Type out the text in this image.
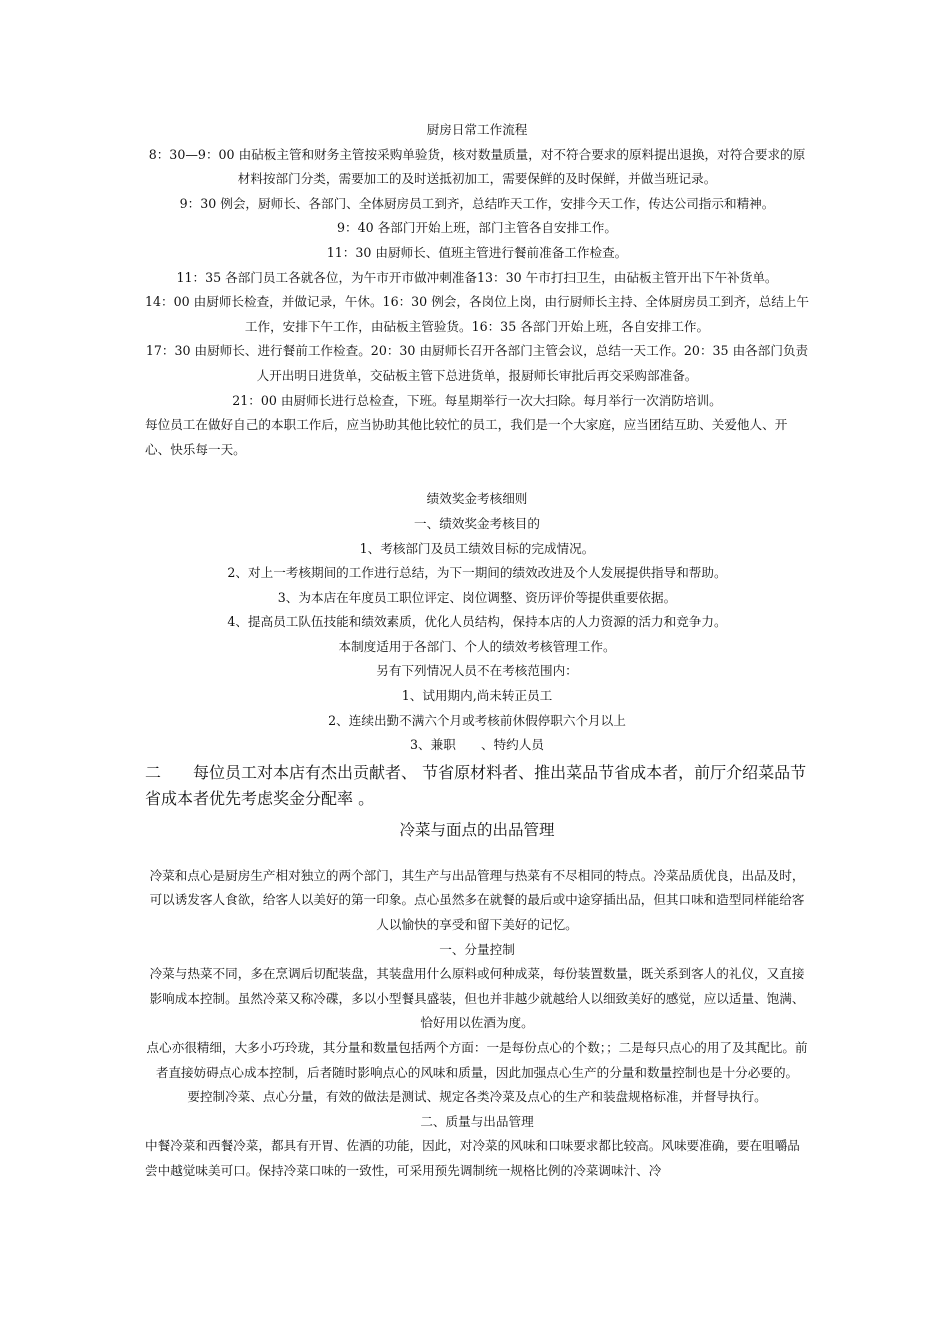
厨房日常工作流程

8：30—9：00 由砧板主管和财务主管按采购单验货，核对数量质量，对不符合要求的原料提出退换，对符合要求的原材料按部门分类，需要加工的及时送抵初加工，需要保鲜的及时保鲜，并做当班记录。

9：30 例会，厨师长、各部门、全体厨房员工到齐，总结昨天工作，安排今天工作，传达公司指示和精神。

9：40 各部门开始上班，部门主管各自安排工作。

11：30 由厨师长、值班主管进行餐前准备工作检查。

11：35 各部门员工各就各位，为午市开市做冲刺准备13：30 午市打扫卫生，由砧板主管开出下午补货单。

14：00 由厨师长检查，并做记录，午休。16：30 例会，各岗位上岗，由行厨师长主持、全体厨房员工到齐，总结上午工作，安排下午工作，由砧板主管验货。16：35 各部门开始上班，各自安排工作。

17：30 由厨师长、进行餐前工作检查。20：30 由厨师长召开各部门主管会议，总结一天工作。20：35 由各部门负责人开出明日进货单，交砧板主管下总进货单，报厨师长审批后再交采购部准备。

21：00 由厨师长进行总检查，下班。每星期举行一次大扫除。每月举行一次消防培训。

每位员工在做好自己的本职工作后，应当协助其他比较忙的员工，我们是一个大家庭，应当团结互助、关爱他人、开心、快乐每一天。

绩效奖金考核细则

一、绩效奖金考核目的

1、考核部门及员工绩效目标的完成情况。

2、对上一考核期间的工作进行总结，为下一期间的绩效改进及个人发展提供指导和帮助。

3、为本店在年度员工职位评定、岗位调整、资历评价等提供重要依据。

4、提高员工队伍技能和绩效素质，优化人员结构，保持本店的人力资源的活力和竞争力。

本制度适用于各部门、个人的绩效考核管理工作。

另有下列情况人员不在考核范围内：

1、试用期内,尚未转正员工

2、连续出勤不满六个月或考核前休假停职六个月以上

3、兼职　　、特约人员

二　　每位员工对本店有杰出贡献者、 节省原材料者、推出菜品节省成本者，前厅介绍菜品节省成本者优先考虑奖金分配率 。

冷菜与面点的出品管理

冷菜和点心是厨房生产相对独立的两个部门，其生产与出品管理与热菜有不尽相同的特点。冷菜品质优良，出品及时，可以诱发客人食欲，给客人以美好的第一印象。点心虽然多在就餐的最后或中途穿插出品，但其口味和造型同样能给客人以愉快的享受和留下美好的记忆。

一、分量控制

冷菜与热菜不同，多在烹调后切配装盘，其装盘用什么原料或何种成菜，每份装置数量，既关系到客人的礼仪，又直接影响成本控制。虽然冷菜又称冷碟，多以小型餐具盛装，但也并非越少就越给人以细致美好的感觉，应以适量、饱满、恰好用以佐酒为度。

点心亦很精细，大多小巧玲珑，其分量和数量包括两个方面：一是每份点心的个数；；二是每只点心的用了及其配比。前者直接妨碍点心成本控制，后者随时影响点心的风味和质量，因此加强点心生产的分量和数量控制也是十分必要的。

要控制冷菜、点心分量，有效的做法是测试、规定各类冷菜及点心的生产和装盘规格标准，并督导执行。

二、质量与出品管理

中餐冷菜和西餐冷菜，都具有开胃、佐酒的功能，因此，对冷菜的风味和口味要求都比较高。风味要准确，要在咀嚼品尝中越觉味美可口。保持冷菜口味的一致性，可采用预先调制统一规格比例的冷菜调味汁、冷
